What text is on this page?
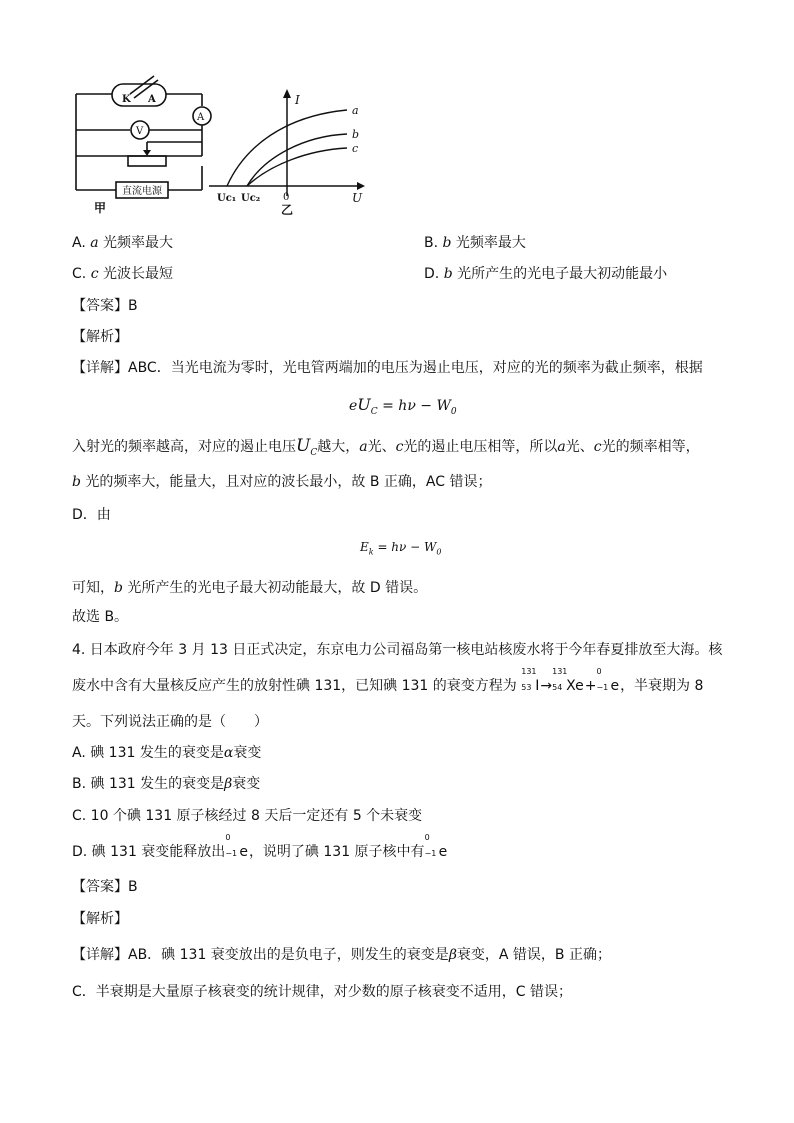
K A
A
V
直流电源
甲
I
U
0
Uc₁ Uc₂
a
b
c
乙
A. a 光频率最大	B. b 光频率最大
C. c 光波长最短	D. b 光所产生的光电子最大初动能最小
【答案】B
【解析】
【详解】ABC．当光电流为零时，光电管两端加的电压为遏止电压，对应的光的频率为截止频率，根据
$eU_C = h\nu - W_0$
入射光的频率越高，对应的遏止电压$U_C$越大，a光、c光的遏止电压相等，所以a光、c光的频率相等，
b 光的频率大，能量大，且对应的波长最小，故 B 正确，AC 错误；
D．由
$E_k = h\nu - W_0$
可知，b 光所产生的光电子最大初动能最大，故 D 错误。
故选 B。
4. 日本政府今年 3 月 13 日正式决定，东京电力公司福岛第一核电站核废水将于今年春夏排放至大海。核
废水中含有大量核反应产生的放射性碘 131，已知碘 131 的衰变方程为
131
53 I→
131
54 Xe+
0
−1 e，半衰期为 8
天。下列说法正确的是（　　）
A. 碘 131 发生的衰变是α衰变
B. 碘 131 发生的衰变是β衰变
C. 10 个碘 131 原子核经过 8 天后一定还有 5 个未衰变
D. 碘 131 衰变能释放出
0
−1 e，说明了碘 131 原子核中有
0
−1 e
【答案】B
【解析】
【详解】AB．碘 131 衰变放出的是负电子，则发生的衰变是β衰变，A 错误，B 正确；
C．半衰期是大量原子核衰变的统计规律，对少数的原子核衰变不适用，C 错误；
